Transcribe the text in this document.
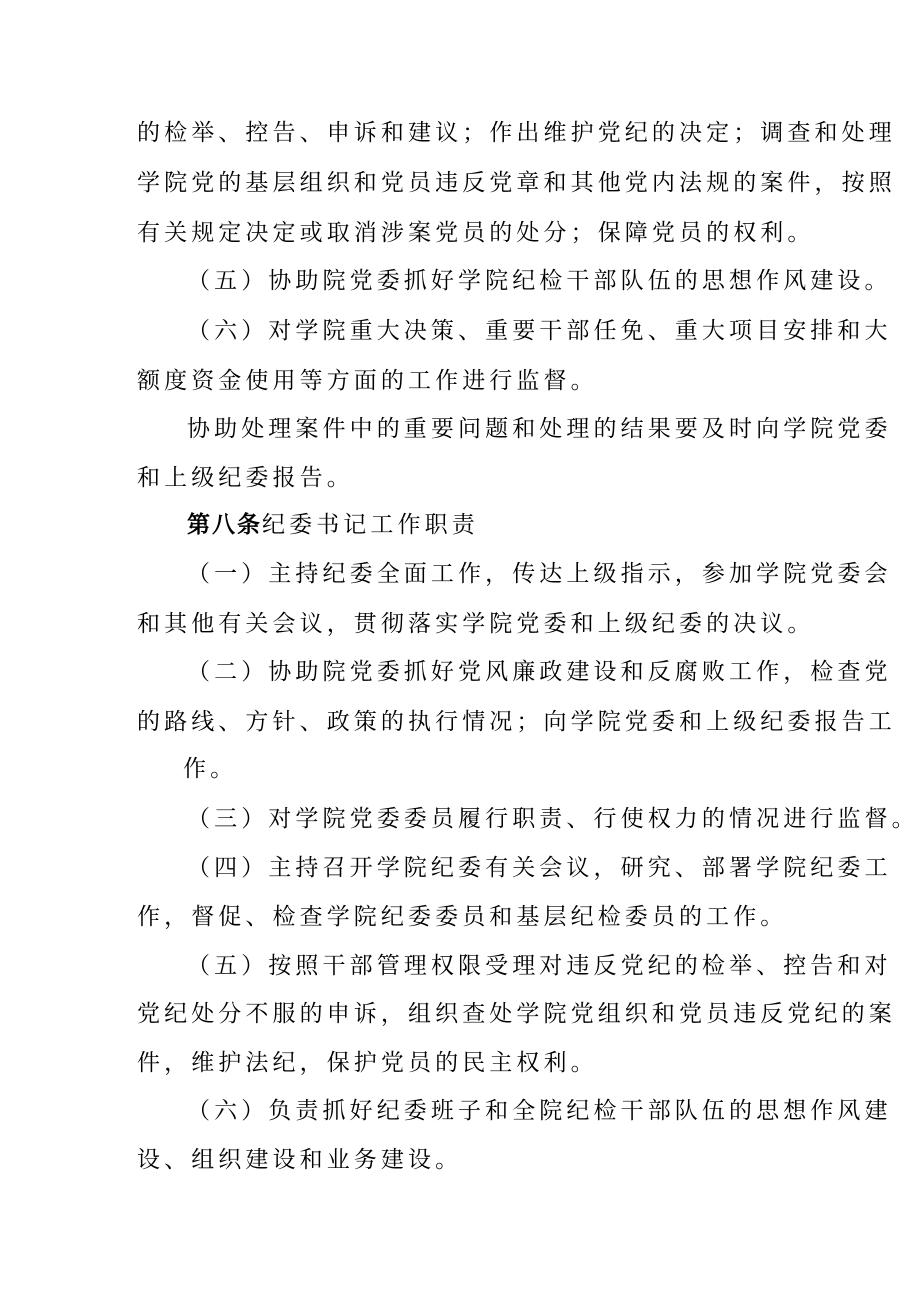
的检举、控告、申诉和建议；作出维护党纪的决定；调查和处理
学院党的基层组织和党员违反党章和其他党内法规的案件，按照
有关规定决定或取消涉案党员的处分；保障党员的权利。
（五）协助院党委抓好学院纪检干部队伍的思想作风建设。
（六）对学院重大决策、重要干部任免、重大项目安排和大
额度资金使用等方面的工作进行监督。
协助处理案件中的重要问题和处理的结果要及时向学院党委
和上级纪委报告。
第八条纪委书记工作职责
（一）主持纪委全面工作，传达上级指示，参加学院党委会
和其他有关会议，贯彻落实学院党委和上级纪委的决议。
（二）协助院党委抓好党风廉政建设和反腐败工作，检查党
的路线、方针、政策的执行情况；向学院党委和上级纪委报告工
作。
（三）对学院党委委员履行职责、行使权力的情况进行监督。
（四）主持召开学院纪委有关会议，研究、部署学院纪委工
作，督促、检查学院纪委委员和基层纪检委员的工作。
（五）按照干部管理权限受理对违反党纪的检举、控告和对
党纪处分不服的申诉，组织查处学院党组织和党员违反党纪的案
件，维护法纪，保护党员的民主权利。
（六）负责抓好纪委班子和全院纪检干部队伍的思想作风建
设、组织建设和业务建设。
